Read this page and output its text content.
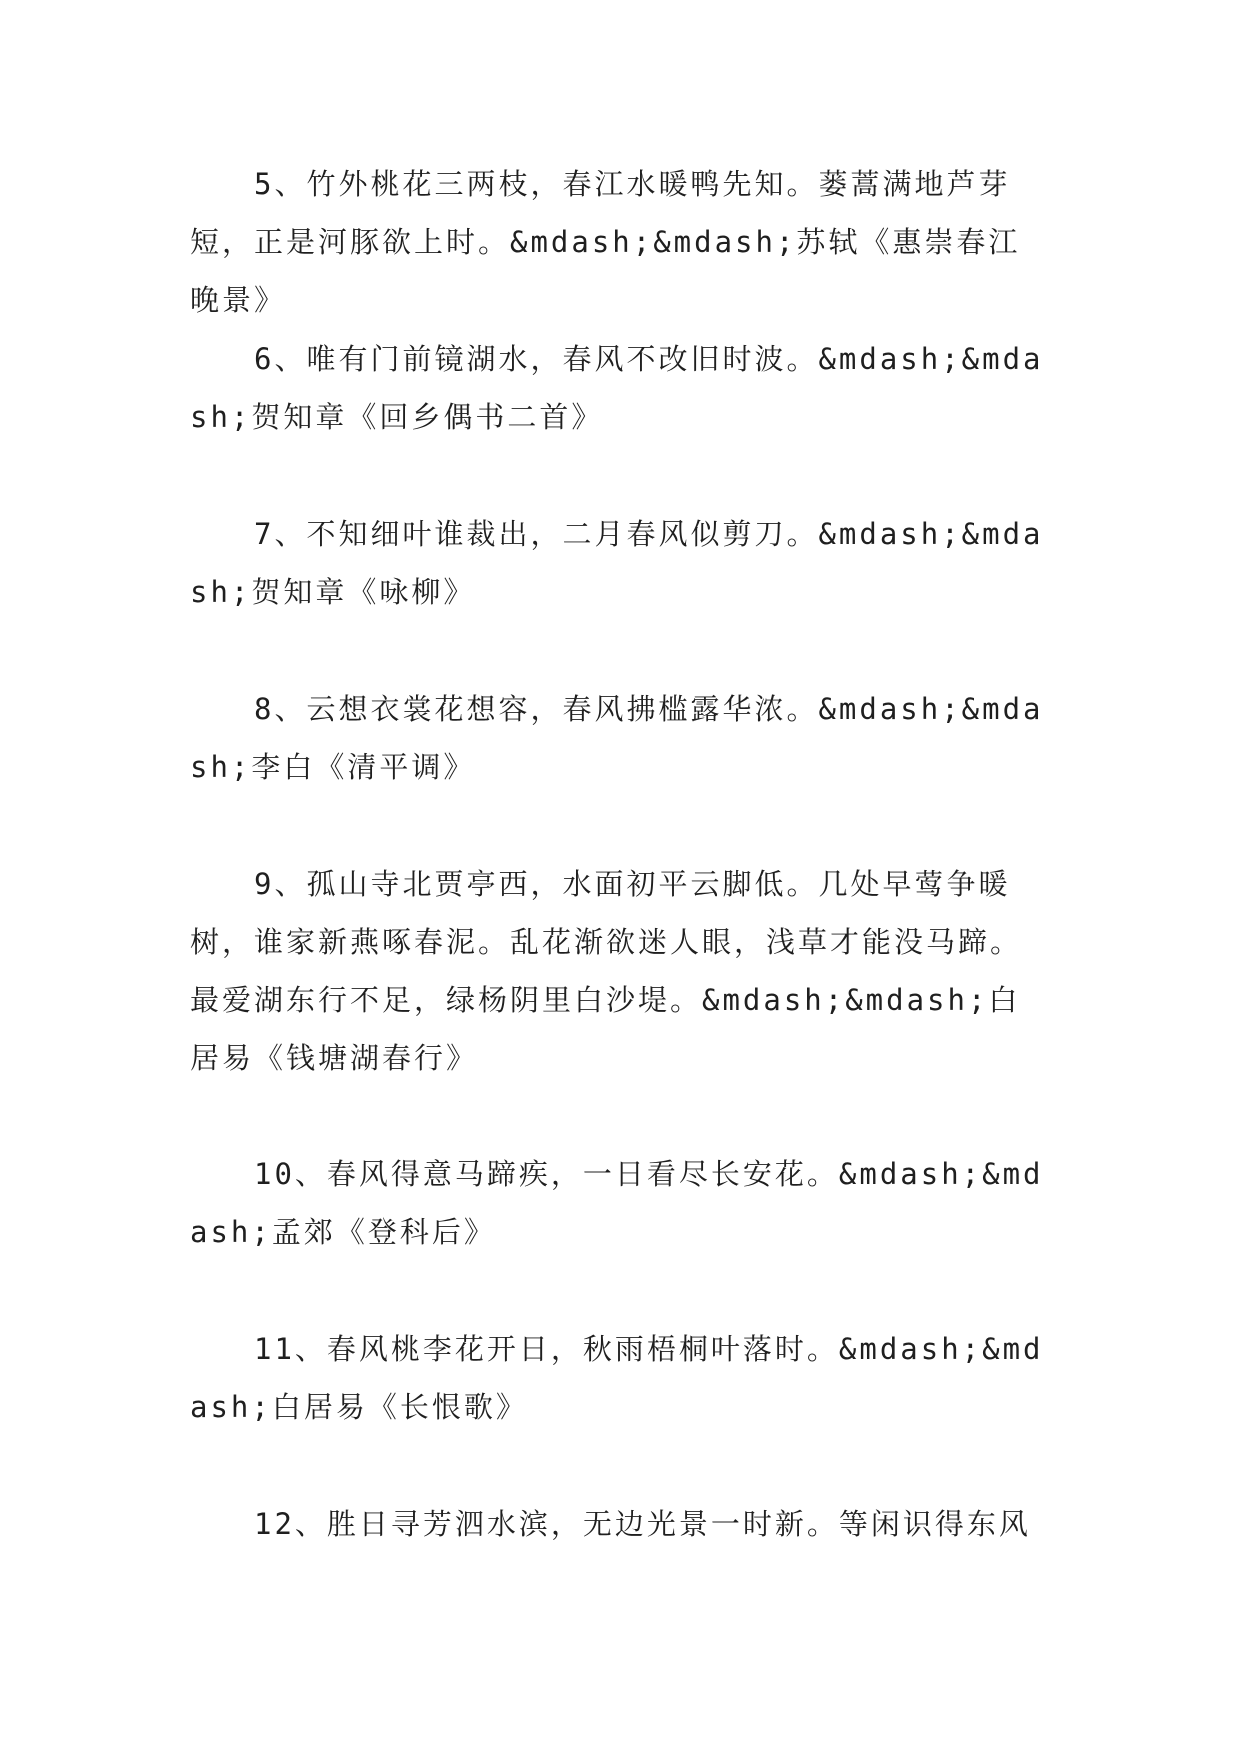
5、竹外桃花三两枝，春江水暖鸭先知。蒌蒿满地芦芽短，正是河豚欲上时。&mdash;&mdash;苏轼《惠崇春江晚景》

6、唯有门前镜湖水，春风不改旧时波。&mdash;&mdash;贺知章《回乡偶书二首》

7、不知细叶谁裁出，二月春风似剪刀。&mdash;&mdash;贺知章《咏柳》

8、云想衣裳花想容，春风拂槛露华浓。&mdash;&mdash;李白《清平调》

9、孤山寺北贾亭西，水面初平云脚低。几处早莺争暖树，谁家新燕啄春泥。乱花渐欲迷人眼，浅草才能没马蹄。最爱湖东行不足，绿杨阴里白沙堤。&mdash;&mdash;白居易《钱塘湖春行》

10、春风得意马蹄疾，一日看尽长安花。&mdash;&mdash;孟郊《登科后》

11、春风桃李花开日，秋雨梧桐叶落时。&mdash;&mdash;白居易《长恨歌》

12、胜日寻芳泗水滨，无边光景一时新。等闲识得东风
